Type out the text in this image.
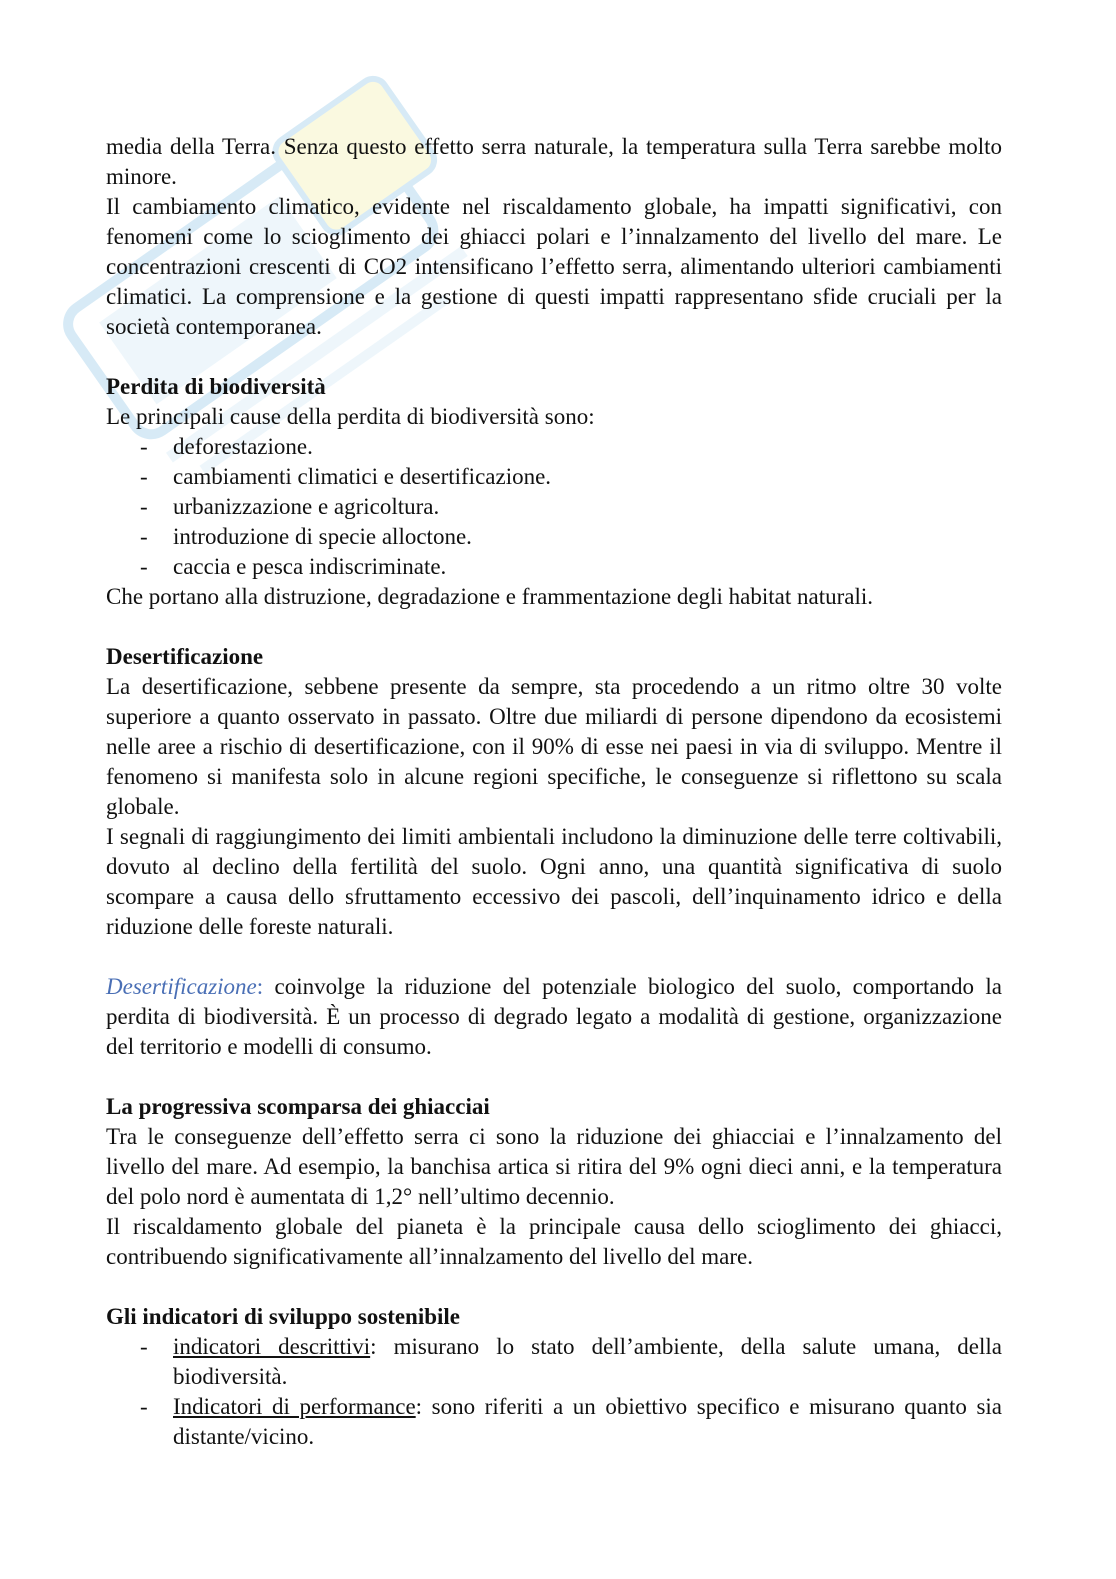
media della Terra. Senza questo effetto serra naturale, la temperatura sulla Terra sarebbe molto minore.

Il cambiamento climatico, evidente nel riscaldamento globale, ha impatti significativi, con fenomeni come lo scioglimento dei ghiacci polari e l’innalzamento del livello del mare. Le concentrazioni crescenti di CO2 intensificano l’effetto serra, alimentando ulteriori cambiamenti climatici. La comprensione e la gestione di questi impatti rappresentano sfide cruciali per la società contemporanea.

Perdita di biodiversità

Le principali cause della perdita di biodiversità sono:

- deforestazione.
- cambiamenti climatici e desertificazione.
- urbanizzazione e agricoltura.
- introduzione di specie alloctone.
- caccia e pesca indiscriminate.

Che portano alla distruzione, degradazione e frammentazione degli habitat naturali.

Desertificazione

La desertificazione, sebbene presente da sempre, sta procedendo a un ritmo oltre 30 volte superiore a quanto osservato in passato. Oltre due miliardi di persone dipendono da ecosistemi nelle aree a rischio di desertificazione, con il 90% di esse nei paesi in via di sviluppo. Mentre il fenomeno si manifesta solo in alcune regioni specifiche, le conseguenze si riflettono su scala globale.

I segnali di raggiungimento dei limiti ambientali includono la diminuzione delle terre coltivabili, dovuto al declino della fertilità del suolo. Ogni anno, una quantità significativa di suolo scompare a causa dello sfruttamento eccessivo dei pascoli, dell’inquinamento idrico e della riduzione delle foreste naturali.

Desertificazione: coinvolge la riduzione del potenziale biologico del suolo, comportando la perdita di biodiversità. È un processo di degrado legato a modalità di gestione, organizzazione del territorio e modelli di consumo.

La progressiva scomparsa dei ghiacciai

Tra le conseguenze dell’effetto serra ci sono la riduzione dei ghiacciai e l’innalzamento del livello del mare. Ad esempio, la banchisa artica si ritira del 9% ogni dieci anni, e la temperatura del polo nord è aumentata di 1,2° nell’ultimo decennio.

Il riscaldamento globale del pianeta è la principale causa dello scioglimento dei ghiacci, contribuendo significativamente all’innalzamento del livello del mare.

Gli indicatori di sviluppo sostenibile

- indicatori descrittivi: misurano lo stato dell’ambiente, della salute umana, della biodiversità.
- Indicatori di performance: sono riferiti a un obiettivo specifico e misurano quanto sia distante/vicino.
